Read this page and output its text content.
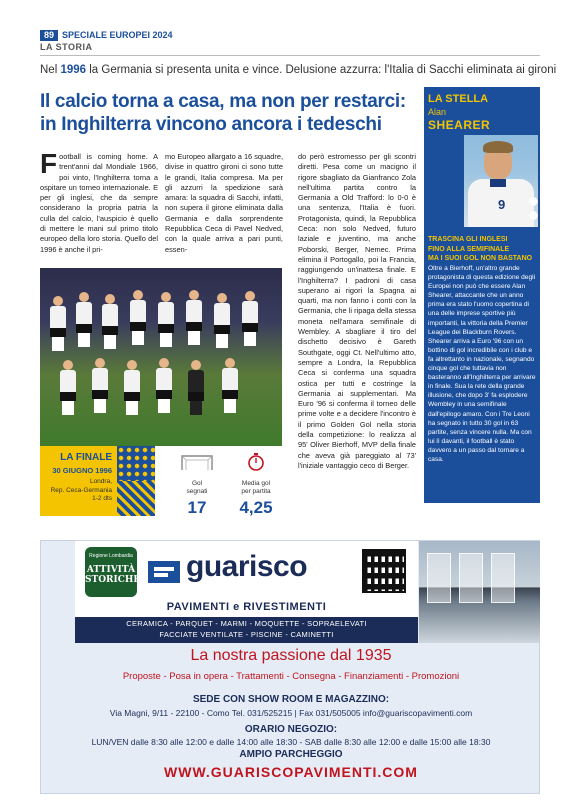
89 SPECIALE EUROPEI 2024
LA STORIA
Nel 1996 la Germania si presenta unita e vince. Delusione azzurra: l'Italia di Sacchi eliminata ai gironi
Il calcio torna a casa, ma non per restarci:
in Inghilterra vincono ancora i tedeschi
Football is coming home. A trent'anni dal Mondiale 1966, poi vinto, l'Inghilterra torna a ospitare un torneo internazionale. E per gli inglesi, che da sempre considerano la propria patria la culla del calcio, l'auspicio è quello di mettere le mani sul primo titolo europeo della loro storia. Quello del 1996 è anche il pri-
mo Europeo allargato a 16 squadre, divise in quattro gironi ci sono tutte le grandi, Italia compresa. Ma per gli azzurri la spedizione sarà amara: la squadra di Sacchi, infatti, non supera il girone eliminata dalla Germania e dalla sorprendente Repubblica Ceca di Pavel Nedved, con la quale arriva a pari punti, essen-
do però estromesso per gli scontri diretti. Pesa come un macigno il rigore sbagliato da Gianfranco Zola nell'ultima partita contro la Germania a Old Trafford: lo 0-0 è una sentenza, l'Italia è fuori. Protagonista, quindi, la Repubblica Ceca: non solo Nedved, futuro laziale e juventino, ma anche Poborski, Berger, Nemec. Prima elimina il Portogallo, poi la Francia, raggiungendo un'inattesa finale. E l'Inghilterra? I padroni di casa superano ai rigori la Spagna ai quarti, ma non fanno i conti con la Germania, che li ripaga della stessa moneta nell'amara semifinale di Wembley. A sbagliare il tiro del dischetto decisivo è Gareth Southgate, oggi Ct. Nell'ultimo atto, sempre a Londra, la Repubblica Ceca si conferma una squadra ostica per tutti e costringe la Germania ai supplementari. Ma Euro '96 si conferma il torneo delle prime volte e a decidere l'incontro è il primo Golden Gol nella storia della competizione: lo realizza al 95' Oliver Bierhoff, MVP della finale che aveva già pareggiato al 73' l'iniziale vantaggio ceco di Berger.
LA FINALE
30 GIUGNO 1996
Londra,
Rep. Ceca-Germania
1-2 dts
Gol
segnati
17
Media gol
per partita
4,25
LA STELLA
Alan
SHEARER
9
TRASCINA GLI INGLESI
FINO ALLA SEMIFINALE
MA I SUOI GOL NON BASTANO
Oltre a Bierhoff, un'altro grande protagonista di questa edizione degli Europei non può che essere Alan Shearer, attaccante che un anno prima era stato l'uomo copertina di una delle imprese sportive più importanti, la vittoria della Premier League dei Blackburn Rovers. Shearer arriva a Euro '96 con un bottino di gol incredibile con i club e fa altrettanto in nazionale, segnando cinque gol che tuttavia non basteranno all'Inghilterra per arrivare in finale. Sua la rete della grande illusione, che dopo 3' fa esplodere Wembley in una semifinale dall'epilogo amaro. Con i Tre Leoni ha segnato in tutto 30 gol in 63 partite, senza vincere nulla. Ma con lui lì davanti, il football è stato davvero a un passo dal tornare a casa.
Regione Lombardia
ATTIVITÀ STORICHE guarisco
PAVIMENTI e RIVESTIMENTI
CERAMICA - PARQUET - MARMI - MOQUETTE - SOPRAELEVATI
FACCIATE VENTILATE - PISCINE - CAMINETTI
La nostra passione dal 1935
Proposte - Posa in opera - Trattamenti - Consegna - Finanziamenti - Promozioni
SEDE CON SHOW ROOM E MAGAZZINO:
Via Magni, 9/11 - 22100 - Como Tel. 031/525215 | Fax 031/505005 info@guariscopavimenti.com
ORARIO NEGOZIO:
LUN/VEN dalle 8:30 alle 12:00 e dalle 14:00 alle 18:30 - SAB dalle 8:30 alle 12:00 e dalle 15:00 alle 18:30
AMPIO PARCHEGGIO
WWW.GUARISCOPAVIMENTI.COM
